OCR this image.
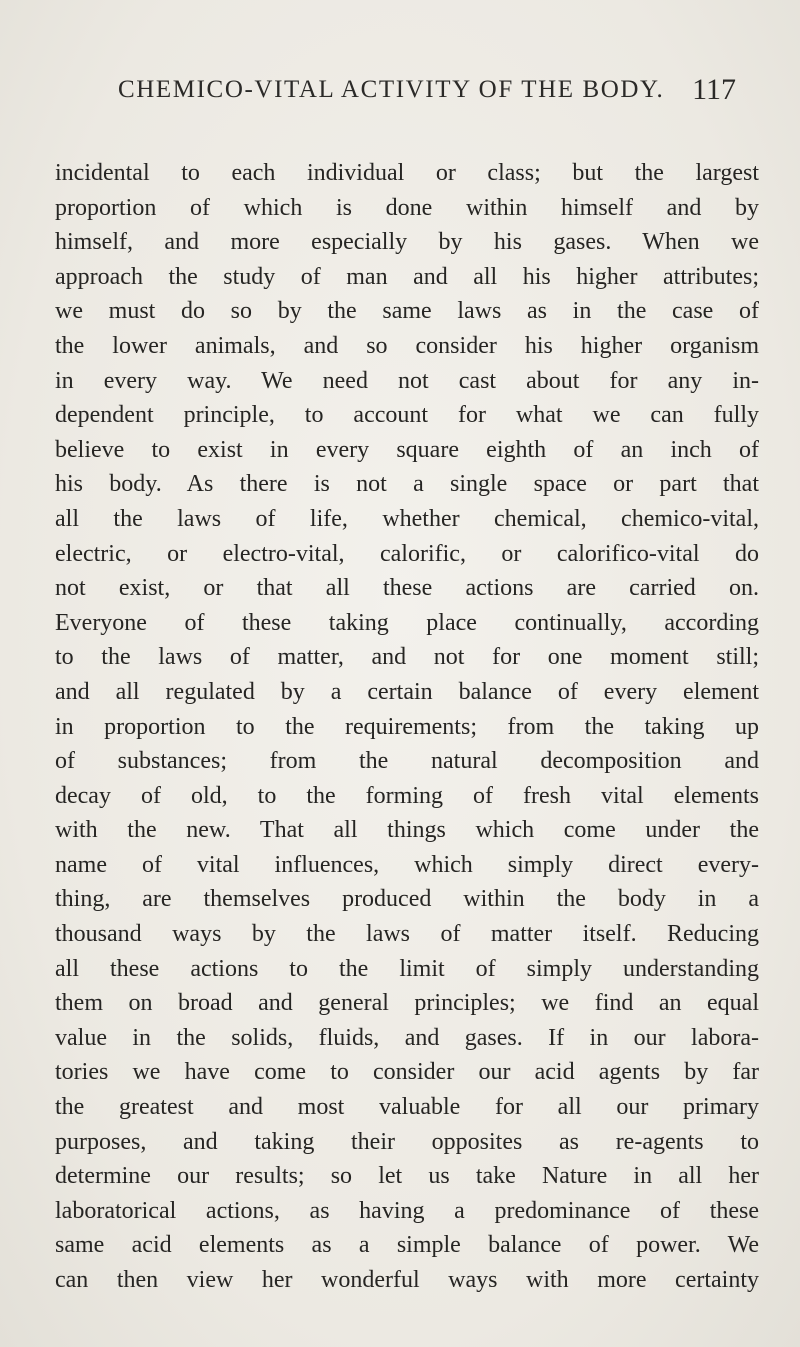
CHEMICO-VITAL ACTIVITY OF THE BODY. 117
incidental to each individual or class; but the largest
proportion of which is done within himself and by
himself, and more especially by his gases. When we
approach the study of man and all his higher attributes;
we must do so by the same laws as in the case of
the lower animals, and so consider his higher organism
in every way. We need not cast about for any in-
dependent principle, to account for what we can fully
believe to exist in every square eighth of an inch of
his body. As there is not a single space or part that
all the laws of life, whether chemical, chemico-vital,
electric, or electro-vital, calorific, or calorifico-vital do
not exist, or that all these actions are carried on.
Everyone of these taking place continually, according
to the laws of matter, and not for one moment still;
and all regulated by a certain balance of every element
in proportion to the requirements; from the taking up
of substances; from the natural decomposition and
decay of old, to the forming of fresh vital elements
with the new. That all things which come under the
name of vital influences, which simply direct every-
thing, are themselves produced within the body in a
thousand ways by the laws of matter itself. Reducing
all these actions to the limit of simply understanding
them on broad and general principles; we find an equal
value in the solids, fluids, and gases. If in our labora-
tories we have come to consider our acid agents by far
the greatest and most valuable for all our primary
purposes, and taking their opposites as re-agents to
determine our results; so let us take Nature in all her
laboratorical actions, as having a predominance of these
same acid elements as a simple balance of power. We
can then view her wonderful ways with more certainty
